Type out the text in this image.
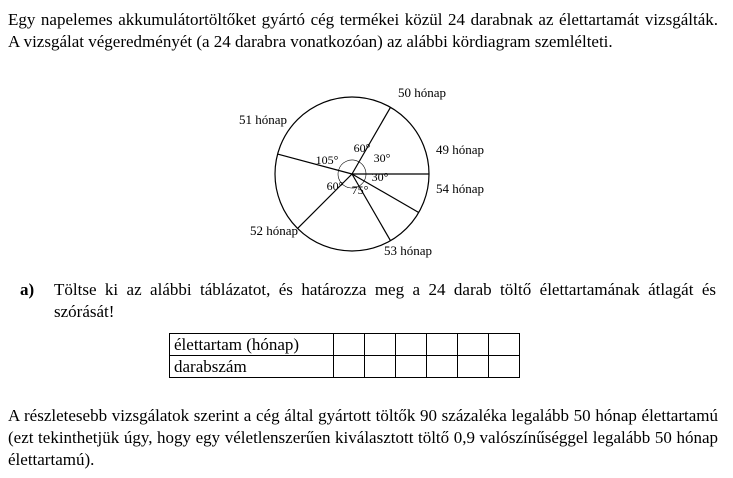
Egy napelemes akkumulátortöltőket gyártó cég termékei közül 24 darabnak az élettartamát vizsgálták. A vizsgálat végeredményét (a 24 darabra vonatkozóan) az alábbi kördiagram szemlélteti.

50 hónap
60°	49 hónap
30°
54 hónap
30°
53 hónap
75°
52 hónap
60°
51 hónap
105°
a) Töltse ki az alábbi táblázatot, és határozza meg a 24 darab töltő élettartamának átlagát és szórását!
élettartam (hónap)						
darabszám						

A részletesebb vizsgálatok szerint a cég által gyártott töltők 90 százaléka legalább 50 hónap élettartamú (ezt tekinthetjük úgy, hogy egy véletlenszerűen kiválasztott töltő 0,9 valószínűséggel legalább 50 hónap élettartamú).
